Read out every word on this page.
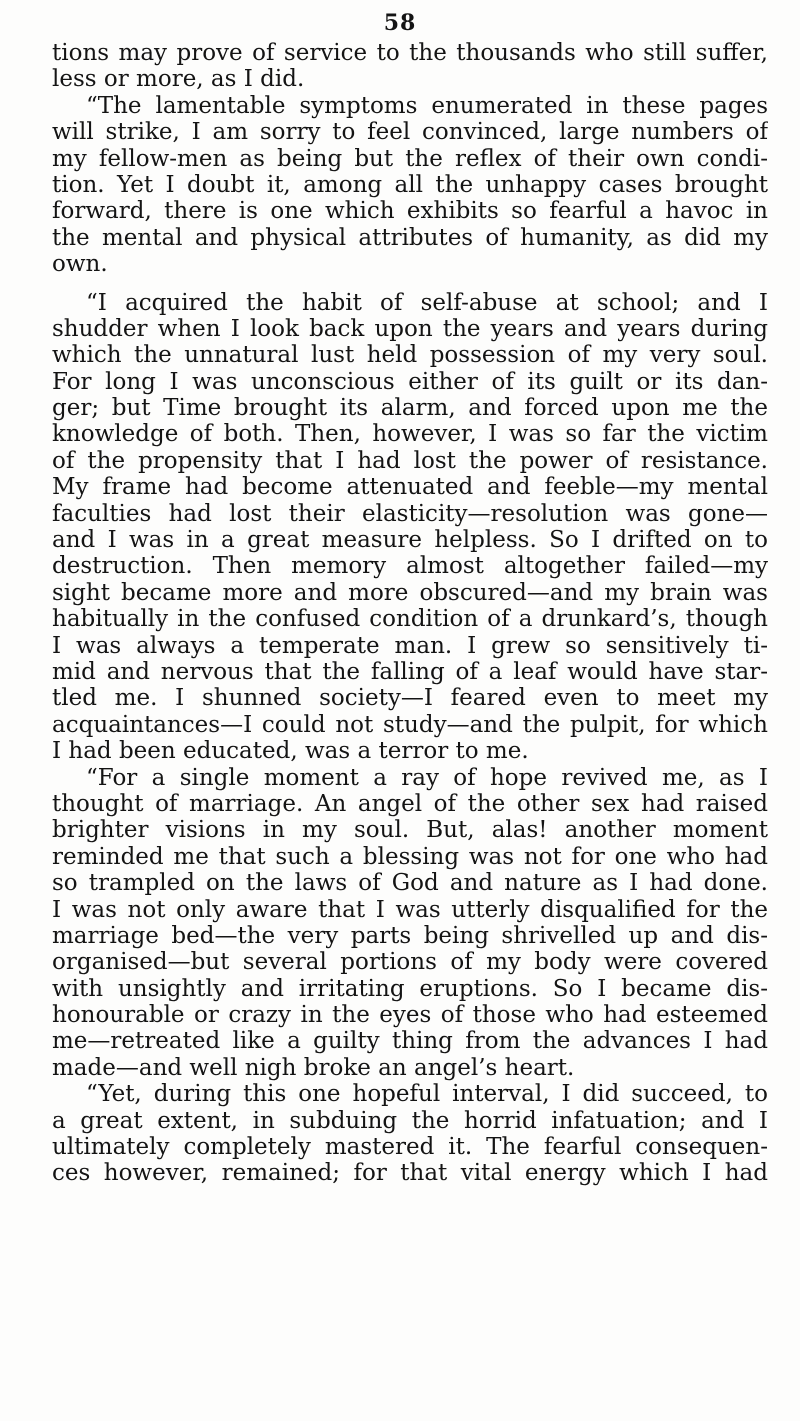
58
tions may prove of service to the thousands who still suffer,
less or more, as I did.
“The lamentable symptoms enumerated in these pages
will strike, I am sorry to feel convinced, large numbers of
my fellow-men as being but the reflex of their own condi-
tion. Yet I doubt it, among all the unhappy cases brought
forward, there is one which exhibits so fearful a havoc in
the mental and physical attributes of humanity, as did my
own.
“I acquired the habit of self-abuse at school; and I
shudder when I look back upon the years and years during
which the unnatural lust held possession of my very soul.
For long I was unconscious either of its guilt or its dan-
ger; but Time brought its alarm, and forced upon me the
knowledge of both. Then, however, I was so far the victim
of the propensity that I had lost the power of resistance.
My frame had become attenuated and feeble—my mental
faculties had lost their elasticity—resolution was gone—
and I was in a great measure helpless. So I drifted on to
destruction. Then memory almost altogether failed—my
sight became more and more obscured—and my brain was
habitually in the confused condition of a drunkard’s, though
I was always a temperate man. I grew so sensitively ti-
mid and nervous that the falling of a leaf would have star-
tled me. I shunned society—I feared even to meet my
acquaintances—I could not study—and the pulpit, for which
I had been educated, was a terror to me.
“For a single moment a ray of hope revived me, as I
thought of marriage. An angel of the other sex had raised
brighter visions in my soul. But, alas! another moment
reminded me that such a blessing was not for one who had
so trampled on the laws of God and nature as I had done.
I was not only aware that I was utterly disqualified for the
marriage bed—the very parts being shrivelled up and dis-
organised—but several portions of my body were covered
with unsightly and irritating eruptions. So I became dis-
honourable or crazy in the eyes of those who had esteemed
me—retreated like a guilty thing from the advances I had
made—and well nigh broke an angel’s heart.
“Yet, during this one hopeful interval, I did succeed, to
a great extent, in subduing the horrid infatuation; and I
ultimately completely mastered it. The fearful consequen-
ces however, remained; for that vital energy which I had
